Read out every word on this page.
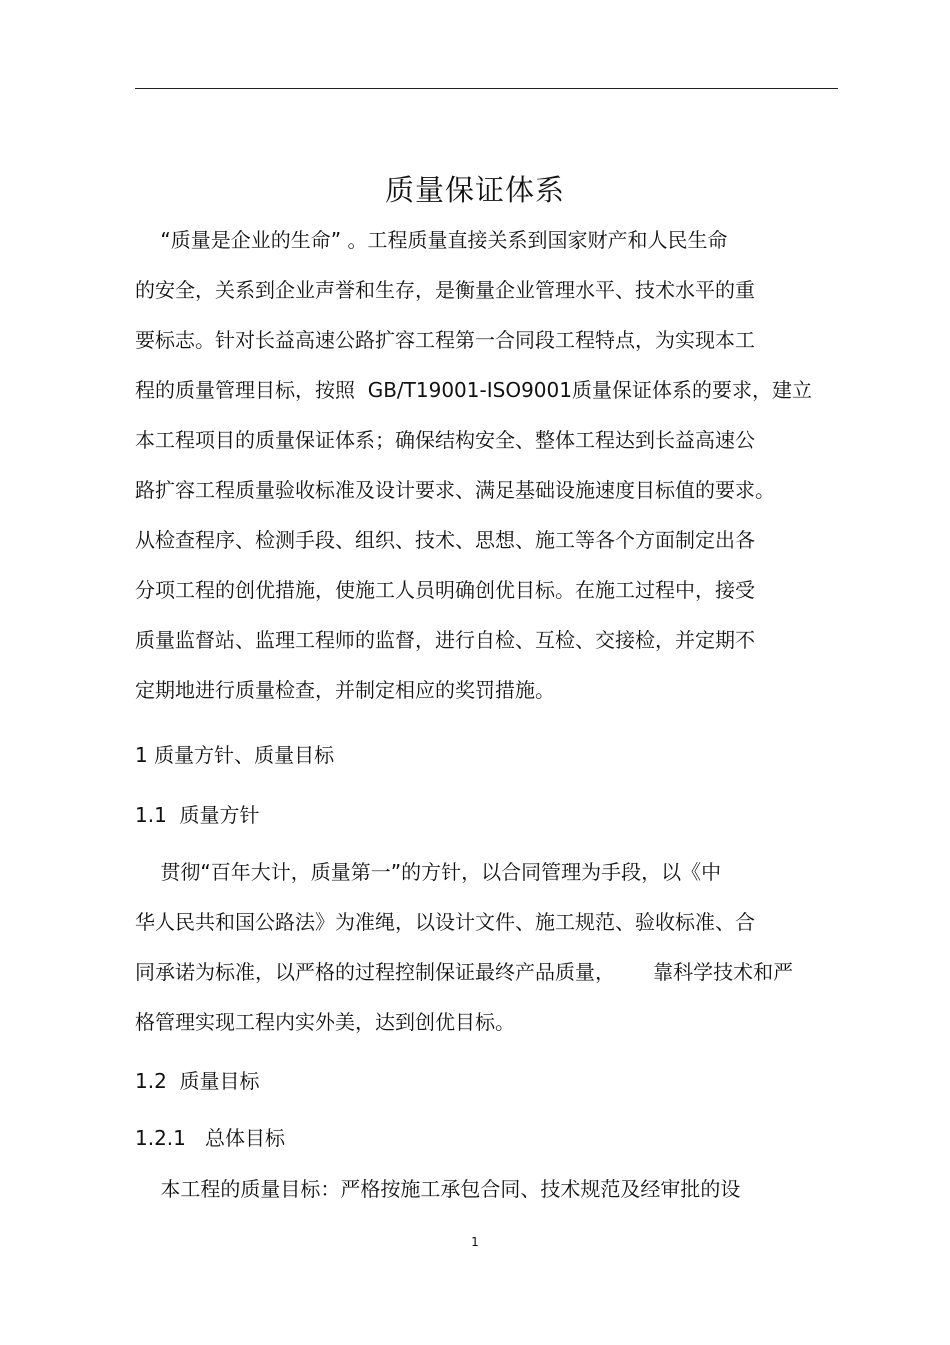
质量保证体系
“质量是企业的生命” 。工程质量直接关系到国家财产和人民生命
的安全，关系到企业声誉和生存，是衡量企业管理水平、技术水平的重
要标志。针对长益高速公路扩容工程第一合同段工程特点，为实现本工
程的质量管理目标，按照  GB/T19001-ISO9001质量保证体系的要求，建立
本工程项目的质量保证体系；确保结构安全、整体工程达到长益高速公
路扩容工程质量验收标准及设计要求、满足基础设施速度目标值的要求。
从检查程序、检测手段、组织、技术、思想、施工等各个方面制定出各
分项工程的创优措施，使施工人员明确创优目标。在施工过程中，接受
质量监督站、监理工程师的监督，进行自检、互检、交接检，并定期不
定期地进行质量检查，并制定相应的奖罚措施。
1 质量方针、质量目标
1.1  质量方针
贯彻“百年大计，质量第一”的方针，以合同管理为手段，以《中
华人民共和国公路法》为准绳，以设计文件、施工规范、验收标准、合
同承诺为标准，以严格的过程控制保证最终产品质量，      靠科学技术和严
格管理实现工程内实外美，达到创优目标。
1.2  质量目标
1.2.1   总体目标
本工程的质量目标：严格按施工承包合同、技术规范及经审批的设
1
